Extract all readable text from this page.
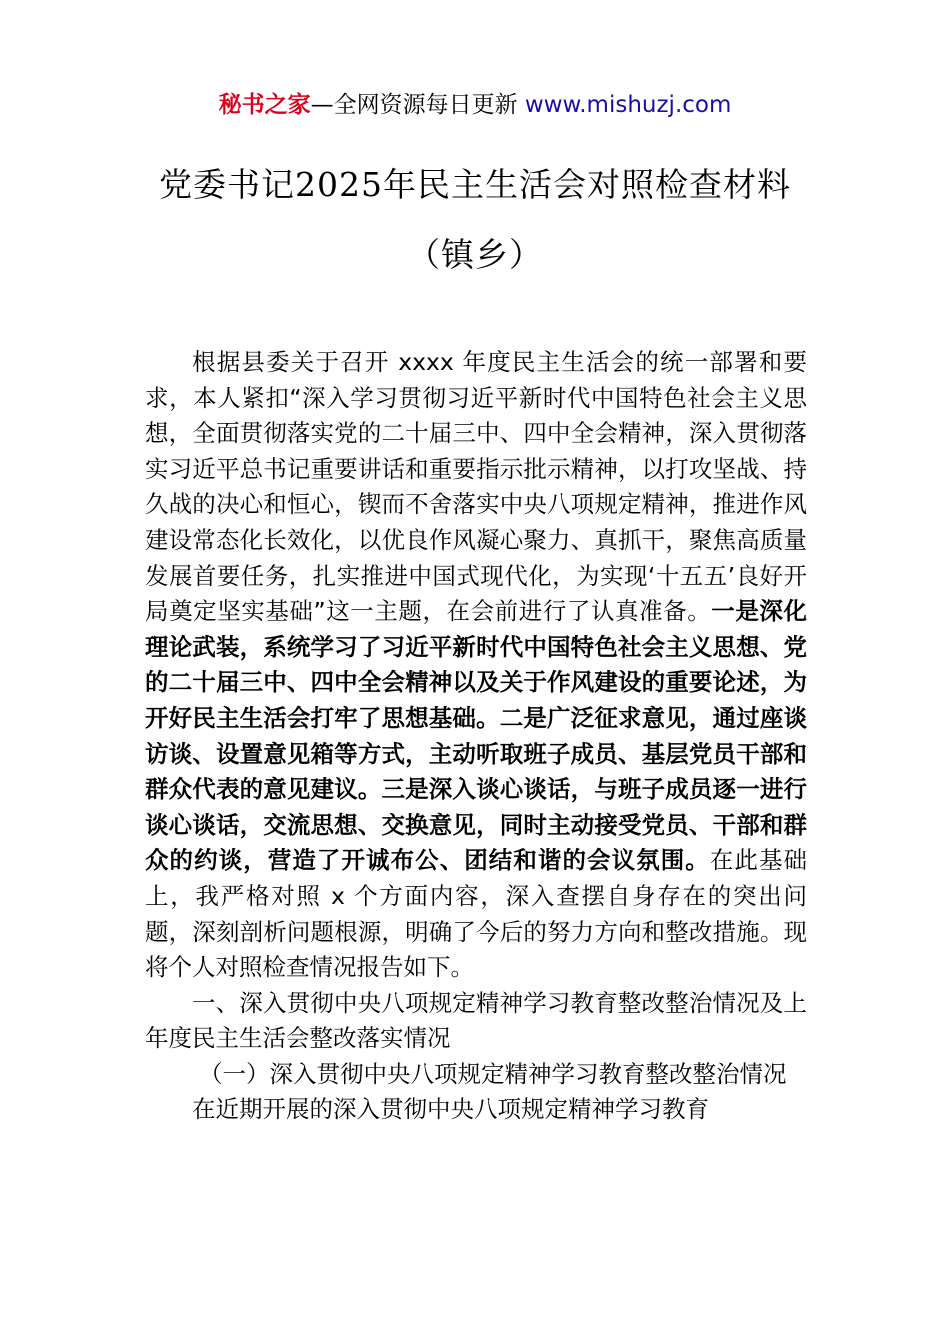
秘书之家—全网资源每日更新 www.mishuzj.com
党委书记2025年民主生活会对照检查材料
（镇乡）

根据县委关于召开 xxxx 年度民主生活会的统一部署和要求，本人紧扣“深入学习贯彻习近平新时代中国特色社会主义思想，全面贯彻落实党的二十届三中、四中全会精神，深入贯彻落实习近平总书记重要讲话和重要指示批示精神，以打攻坚战、持久战的决心和恒心，锲而不舍落实中央八项规定精神，推进作风建设常态化长效化，以优良作风凝心聚力、真抓干，聚焦高质量发展首要任务，扎实推进中国式现代化，为实现‘十五五’良好开局奠定坚实基础”这一主题，在会前进行了认真准备。一是深化理论武装，系统学习了习近平新时代中国特色社会主义思想、党的二十届三中、四中全会精神以及关于作风建设的重要论述，为开好民主生活会打牢了思想基础。二是广泛征求意见，通过座谈访谈、设置意见箱等方式，主动听取班子成员、基层党员干部和群众代表的意见建议。三是深入谈心谈话，与班子成员逐一进行谈心谈话，交流思想、交换意见，同时主动接受党员、干部和群众的约谈，营造了开诚布公、团结和谐的会议氛围。在此基础上，我严格对照 x 个方面内容，深入查摆自身存在的突出问题，深刻剖析问题根源，明确了今后的努力方向和整改措施。现将个人对照检查情况报告如下。

一、深入贯彻中央八项规定精神学习教育整改整治情况及上年度民主生活会整改落实情况

（一）深入贯彻中央八项规定精神学习教育整改整治情况

在近期开展的深入贯彻中央八项规定精神学习教育
